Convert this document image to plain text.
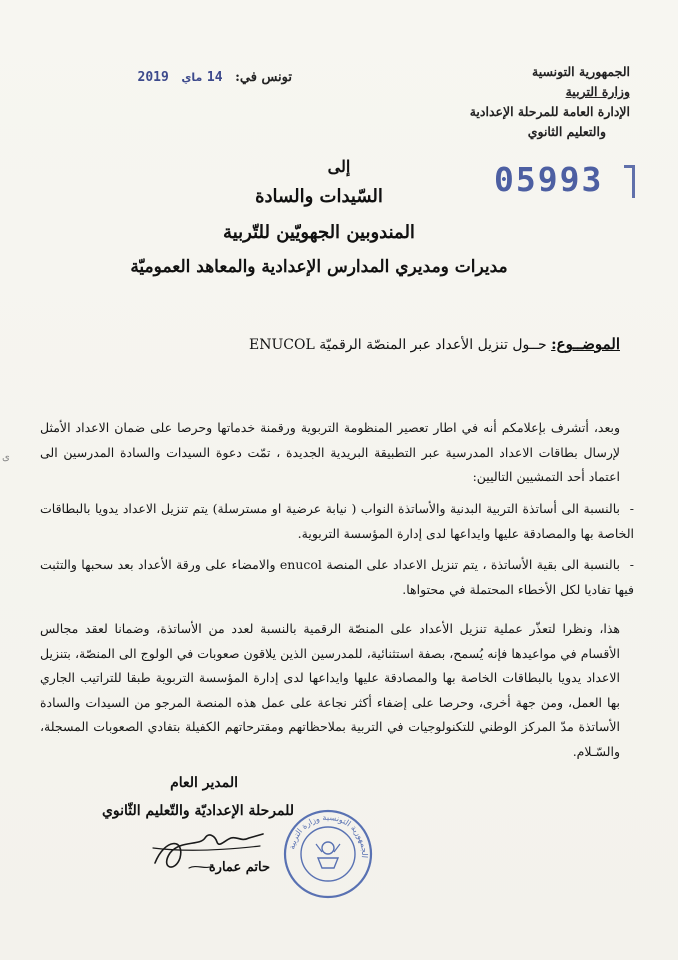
الجمهورية التونسية
وزارة التربية
الإدارة العامة للمرحلة الإعدادية
والتعليم الثانوي
تونس في: 14 ماي 2019
05993
إلى
السّيدات والسادة
المندوبين الجهويّين للتّربية
مديرات ومديري المدارس الإعدادية والمعاهد العموميّة
الموضــوع: حــول تنزيل الأعداد عبر المنصّة الرقميّة ENUCOL
وبعد، أتشرف بإعلامكم أنه في اطار تعصير المنظومة التربوية ورقمنة خدماتها وحرصا على ضمان الاعداد الأمثل لإرسال بطاقات الاعداد المدرسية عبر التطبيقة البريدية الجديدة ، تمّت دعوة السيدات والسادة المدرسين الى اعتماد أحد التمشيين التاليين:
-بالنسبة الى أساتذة التربية البدنية والأساتذة النواب ( نيابة عرضية او مسترسلة) يتم تنزيل الاعداد يدويا بالبطاقات الخاصة بها والمصادقة عليها وايداعها لدى إدارة المؤسسة التربوية.
-بالنسبة الى بقية الأساتذة ، يتم تنزيل الاعداد على المنصة enucol والامضاء على ورقة الأعداد بعد سحبها والتثبت فيها تفاديا لكل الأخطاء المحتملة في محتواها.
هذا، ونظرا لتعذّر عملية تنزيل الأعداد على المنصّة الرقمية بالنسبة لعدد من الأساتذة، وضمانا لعقد مجالس الأقسام في مواعيدها فإنه يُسمح، بصفة استثنائية، للمدرسين الذين يلاقون صعوبات في الولوج الى المنصّة، بتنزيل الاعداد يدويا بالبطاقات الخاصة بها والمصادقة عليها وايداعها لدى إدارة المؤسسة التربوية طبقا للتراتيب الجاري بها العمل، ومن جهة أخرى، وحرصا على إضفاء أكثر نجاعة على عمل هذه المنصة المرجو من السيدات والسادة الأساتذة مدّ المركز الوطني للتكنولوجيات في التربية بملاحظاتهم ومقترحاتهم الكفيلة بتفادي الصعوبات المسجلة، والسّـلام.
المدير العام
للمرحلة الإعداديّة والتّعليم الثّانوي
الجمهورية التونسية وزارة التربية
حاتم عمارة
ى
